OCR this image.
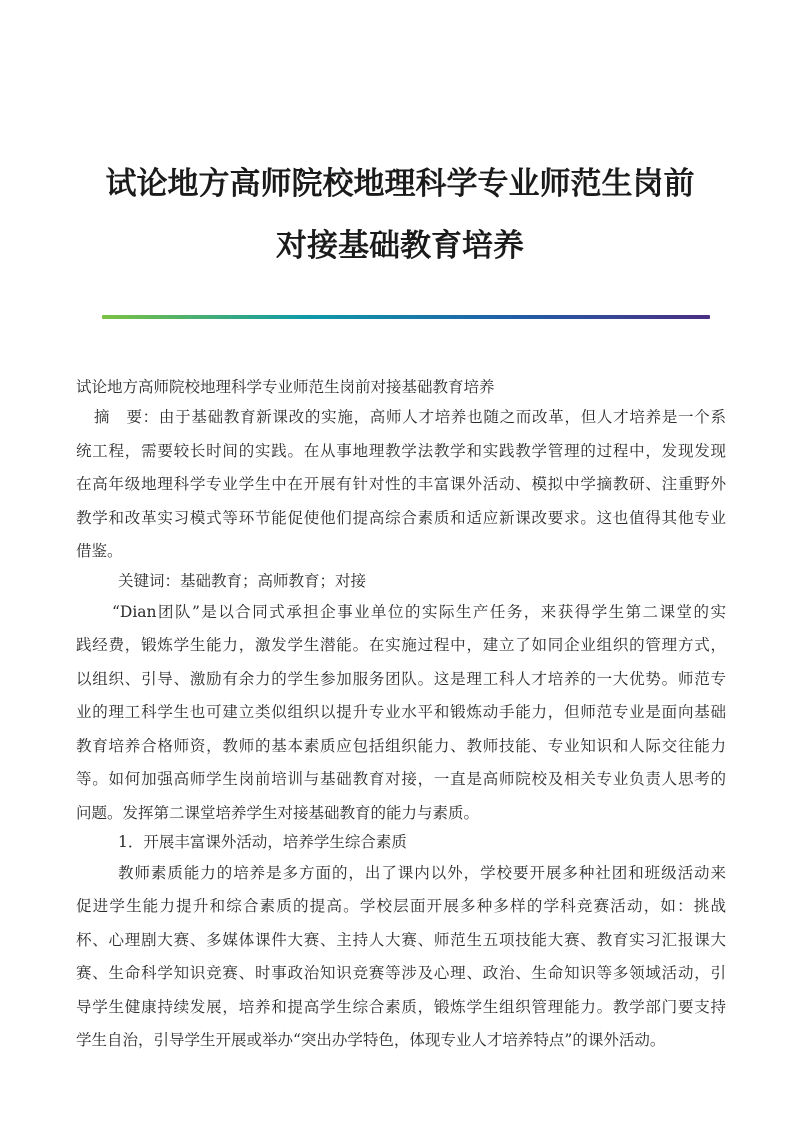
试论地方高师院校地理科学专业师范生岗前
对接基础教育培养
试论地方高师院校地理科学专业师范生岗前对接基础教育培养
摘　要：由于基础教育新课改的实施，高师人才培养也随之而改革，但人才培养是一个系
统工程，需要较长时间的实践。在从事地理教学法教学和实践教学管理的过程中，发现发现
在高年级地理科学专业学生中在开展有针对性的丰富课外活动、模拟中学摘教研、注重野外
教学和改革实习模式等环节能促使他们提高综合素质和适应新课改要求。这也值得其他专业
借鉴。
关键词：基础教育；高师教育；对接
“Dian团队”是以合同式承担企事业单位的实际生产任务，来获得学生第二课堂的实
践经费，锻炼学生能力，激发学生潜能。在实施过程中，建立了如同企业组织的管理方式，
以组织、引导、激励有余力的学生参加服务团队。这是理工科人才培养的一大优势。师范专
业的理工科学生也可建立类似组织以提升专业水平和锻炼动手能力，但师范专业是面向基础
教育培养合格师资，教师的基本素质应包括组织能力、教师技能、专业知识和人际交往能力
等。如何加强高师学生岗前培训与基础教育对接，一直是高师院校及相关专业负责人思考的
问题。发挥第二课堂培养学生对接基础教育的能力与素质。
1．开展丰富课外活动，培养学生综合素质
教师素质能力的培养是多方面的，出了课内以外，学校要开展多种社团和班级活动来
促进学生能力提升和综合素质的提高。学校层面开展多种多样的学科竞赛活动，如：挑战
杯、心理剧大赛、多媒体课件大赛、主持人大赛、师范生五项技能大赛、教育实习汇报课大
赛、生命科学知识竞赛、时事政治知识竞赛等涉及心理、政治、生命知识等多领域活动，引
导学生健康持续发展，培养和提高学生综合素质，锻炼学生组织管理能力。教学部门要支持
学生自治，引导学生开展或举办“突出办学特色，体现专业人才培养特点”的课外活动。
